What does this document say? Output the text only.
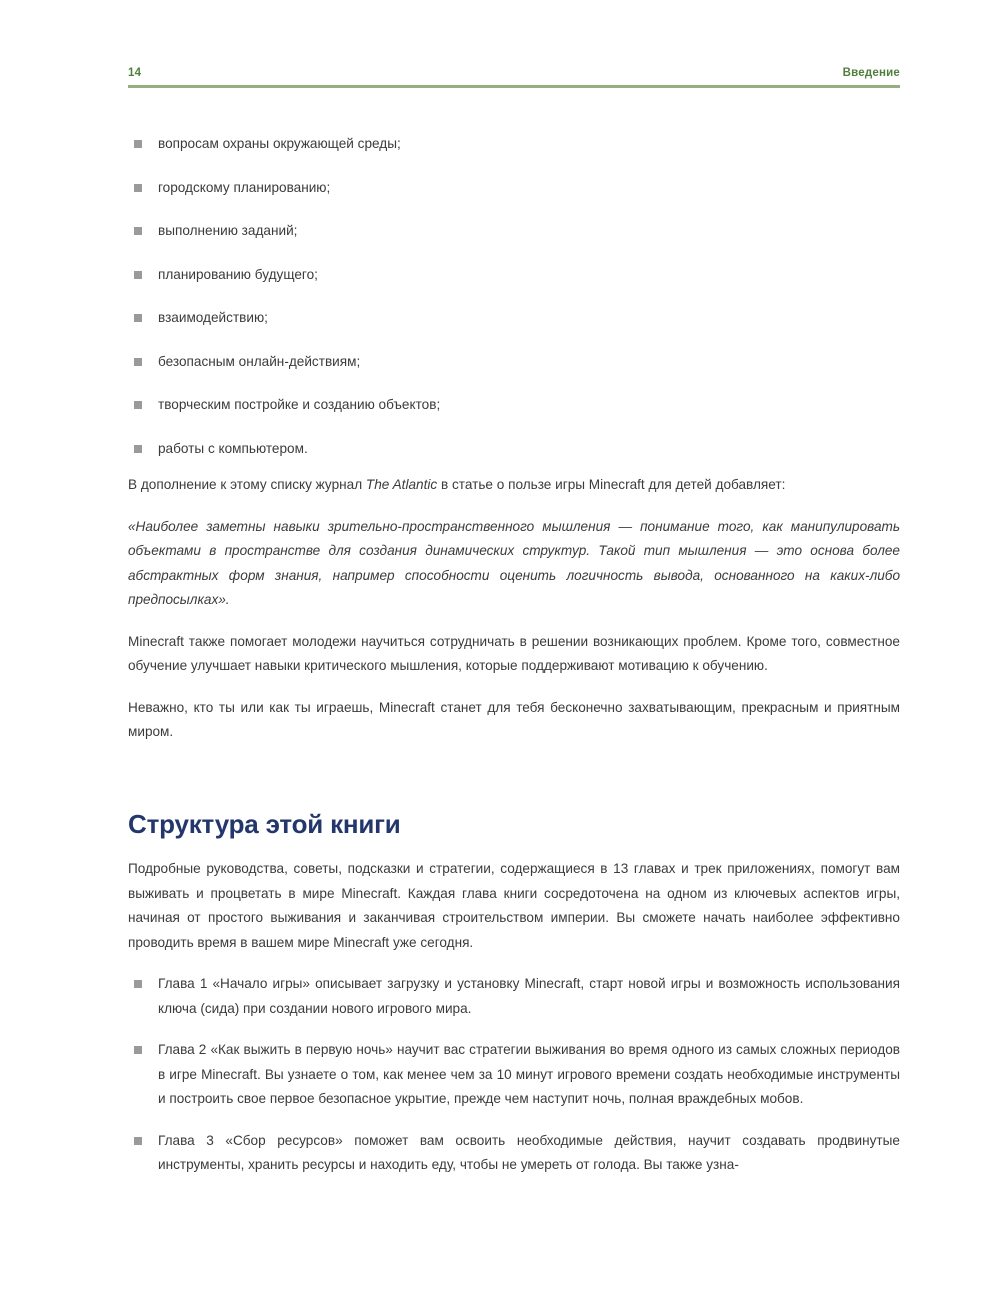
14	Введение
вопросам охраны окружающей среды;
городскому планированию;
выполнению заданий;
планированию будущего;
взаимодействию;
безопасным онлайн-действиям;
творческим постройке и созданию объектов;
работы с компьютером.

В дополнение к этому списку журнал The Atlantic в статье о пользе игры Minecraft для детей добавляет:

«Наиболее заметны навыки зрительно-пространственного мышления — понимание того, как манипулировать объектами в пространстве для создания динамических структур. Такой тип мышления — это основа более абстрактных форм знания, например способности оценить логичность вывода, основанного на каких-либо предпосылках».

Minecraft также помогает молодежи научиться сотрудничать в решении возникающих проблем. Кроме того, совместное обучение улучшает навыки критического мышления, которые поддерживают мотивацию к обучению.

Неважно, кто ты или как ты играешь, Minecraft станет для тебя бесконечно захватывающим, прекрасным и приятным миром.

Структура этой книги

Подробные руководства, советы, подсказки и стратегии, содержащиеся в 13 главах и трек приложениях, помогут вам выживать и процветать в мире Minecraft. Каждая глава книги сосредоточена на одном из ключевых аспектов игры, начиная от простого выживания и заканчивая строительством империи. Вы сможете начать наиболее эффективно проводить время в вашем мире Minecraft уже сегодня.

Глава 1 «Начало игры» описывает загрузку и установку Minecraft, старт новой игры и возможность использования ключа (сида) при создании нового игрового мира.
Глава 2 «Как выжить в первую ночь» научит вас стратегии выживания во время одного из самых сложных периодов в игре Minecraft. Вы узнаете о том, как менее чем за 10 минут игрового времени создать необходимые инструменты и построить свое первое безопасное укрытие, прежде чем наступит ночь, полная враждебных мобов.
Глава 3 «Сбор ресурсов» поможет вам освоить необходимые действия, научит создавать продвинутые инструменты, хранить ресурсы и находить еду, чтобы не умереть от голода. Вы также узна-
